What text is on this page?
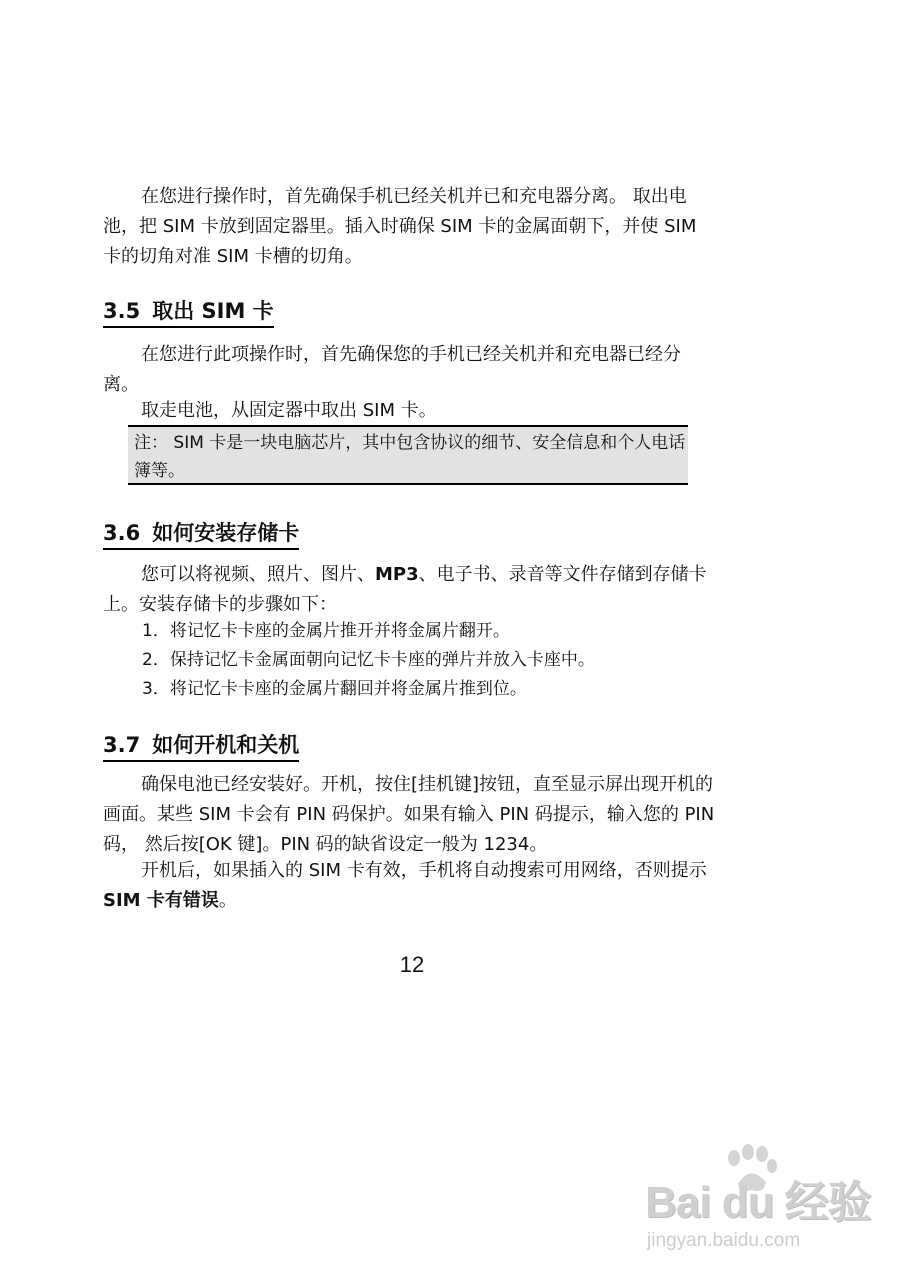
在您进行操作时，首先确保手机已经关机并已和充电器分离。 取出电池，把 SIM 卡放到固定器里。插入时确保 SIM 卡的金属面朝下，并使 SIM 卡的切角对准 SIM 卡槽的切角。

3.5 取出 SIM 卡

在您进行此项操作时，首先确保您的手机已经关机并和充电器已经分离。

取走电池，从固定器中取出 SIM 卡。

注： SIM 卡是一块电脑芯片，其中包含协议的细节、安全信息和个人电话簿等。
3.6 如何安装存储卡

您可以将视频、照片、图片、MP3、电子书、录音等文件存储到存储卡上。安装存储卡的步骤如下：

1．将记忆卡卡座的金属片推开并将金属片翻开。

2．保持记忆卡金属面朝向记忆卡卡座的弹片并放入卡座中。

3．将记忆卡卡座的金属片翻回并将金属片推到位。

3.7 如何开机和关机

确保电池已经安装好。开机，按住[挂机键]按钮，直至显示屏出现开机的画面。某些 SIM 卡会有 PIN 码保护。如果有输入 PIN 码提示，输入您的 PIN 码， 然后按[OK 键]。PIN 码的缺省设定一般为 1234。

开机后，如果插入的 SIM 卡有效，手机将自动搜索可用网络，否则提示 SIM 卡有错误。

12
Bai du 经验
jingyan.baidu.com
